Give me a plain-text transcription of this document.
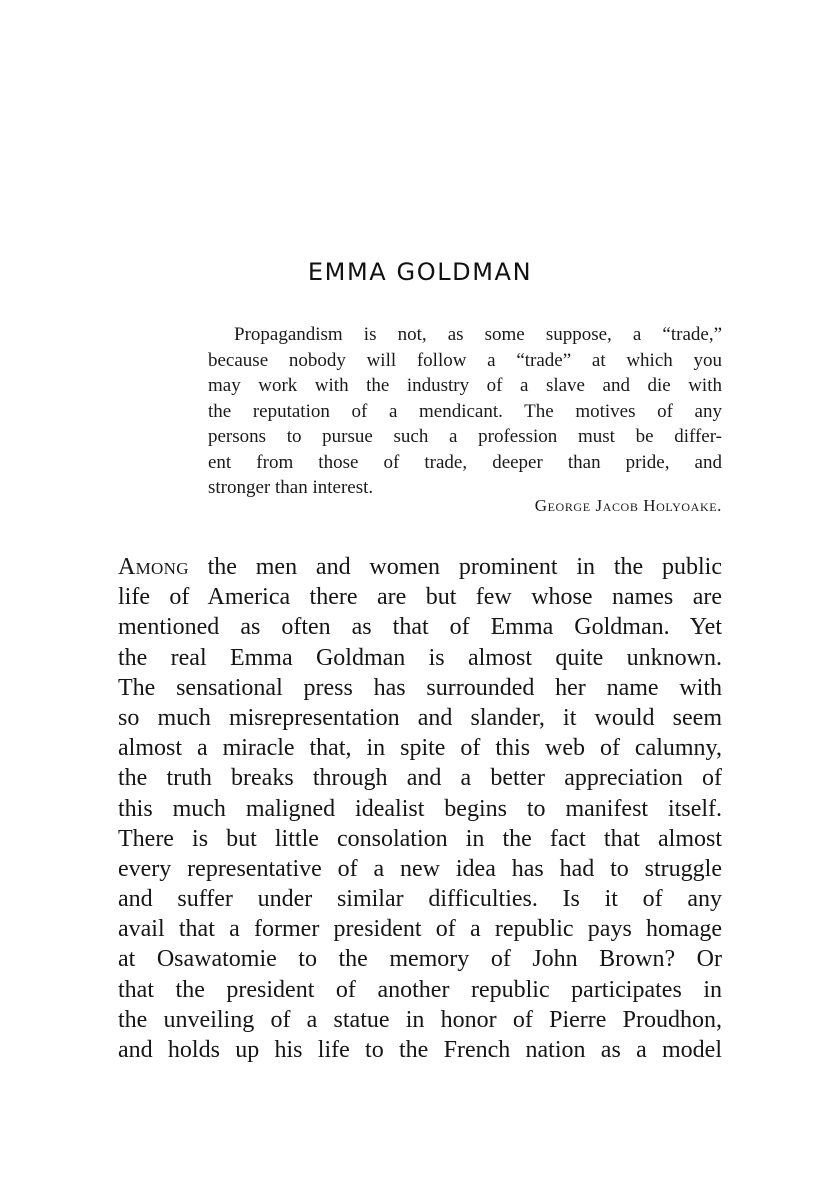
EMMA GOLDMAN
Propagandism is not, as some suppose, a “trade,”
because nobody will follow a “trade” at which you
may work with the industry of a slave and die with
the reputation of a mendicant. The motives of any
persons to pursue such a profession must be differ-
ent from those of trade, deeper than pride, and
stronger than interest.
George Jacob Holyoake.
Among the men and women prominent in the public
life of America there are but few whose names are
mentioned as often as that of Emma Goldman. Yet
the real Emma Goldman is almost quite unknown.
The sensational press has surrounded her name with
so much misrepresentation and slander, it would seem
almost a miracle that, in spite of this web of calumny,
the truth breaks through and a better appreciation of
this much maligned idealist begins to manifest itself.
There is but little consolation in the fact that almost
every representative of a new idea has had to struggle
and suffer under similar difficulties. Is it of any
avail that a former president of a republic pays homage
at Osawatomie to the memory of John Brown? Or
that the president of another republic participates in
the unveiling of a statue in honor of Pierre Proudhon,
and holds up his life to the French nation as a model
